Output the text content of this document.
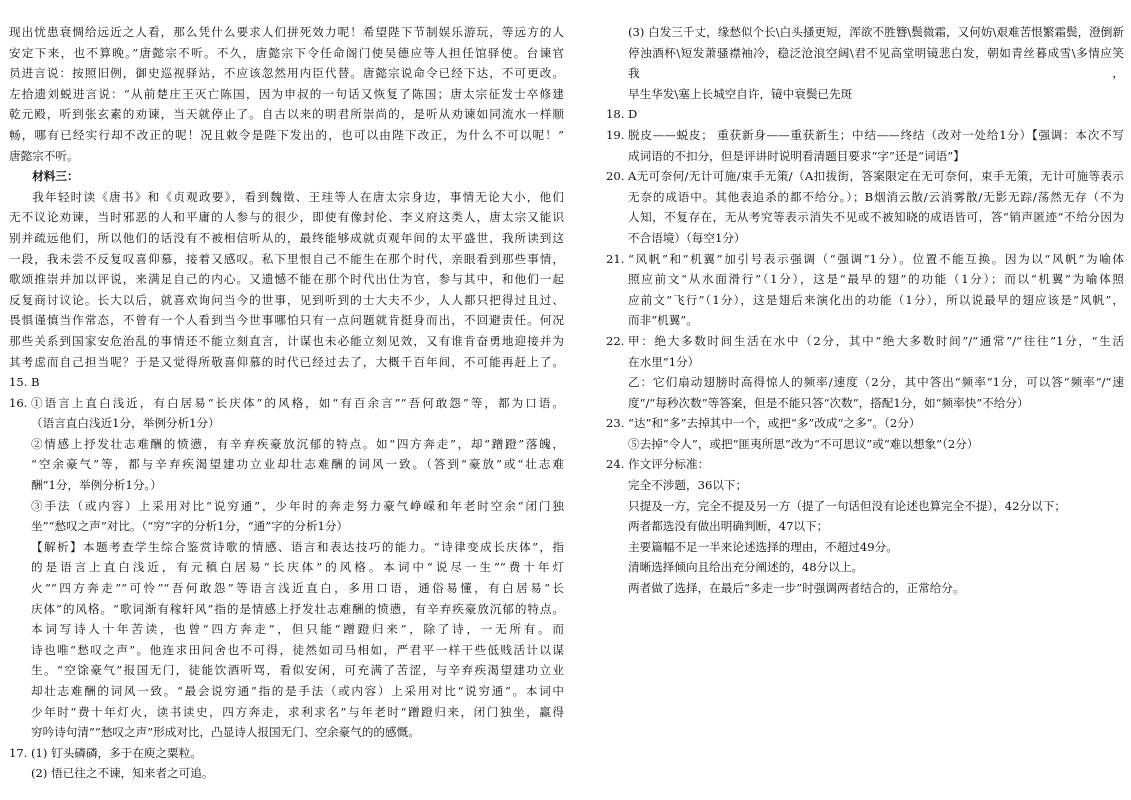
现出忧患衰惆给远近之人看，那么凭什么要求人们拼死效力呢！希望陛下节制娱乐游玩，等远方的人

安定下来，也不算晚。”唐懿宗不听。不久，唐懿宗下令任命阁门使吴德应等人担任馆驿使。台谏官

员进言说：按照旧例，御史巡视驿站，不应该忽然用内臣代替。唐懿宗说命令已经下达，不可更改。

左拾遗刘蜕进言说：“从前楚庄王灭亡陈国，因为申叔的一句话又恢复了陈国；唐太宗征发士卒修建

乾元殿，听到张玄素的劝谏，当天就停止了。自古以来的明君所崇尚的，是听从劝谏如同流水一样顺

畅，哪有已经实行却不改正的呢！况且敕令是陛下发出的，也可以由陛下改正，为什么不可以呢！”

唐懿宗不听。

材料三：

我年轻时读《唐书》和《贞观政要》，看到魏徵、王珪等人在唐太宗身边，事情无论大小，他们

无不议论劝谏，当时邪恶的人和平庸的人参与的很少，即使有像封伦、李义府这类人，唐太宗又能识

别并疏远他们，所以他们的话没有不被相信听从的，最终能够成就贞观年间的太平盛世，我所读到这

一段，我未尝不反复叹喜仰慕，接着又感叹。私下里恨自己不能生在那个时代，亲眼看到那些事情，

歌颂推崇并加以评说，来满足自己的内心。又遗憾不能在那个时代出仕为官，参与其中，和他们一起

反复商讨议论。长大以后，就喜欢询问当今的世事，见到听到的士大夫不少，人人都只把得过且过、

畏惧谨慎当作常态，不曾有一个人看到当今世事哪怕只有一点问题就肯挺身而出，不回避责任。何况

那些关系到国家安危治乱的事情还不能立刻直言，计谋也未必能立刻见效，又有谁肯奋勇地迎接并为

其考虑而自己担当呢？于是又觉得所敬喜仰慕的时代已经过去了，大概千百年间，不可能再赶上了。

15. B

16. ①语言上直白浅近，有白居易“长庆体”的风格，如“有百余言”“吾何敢怨”等，都为口语。

（语言直白浅近1分，举例分析1分）

②情感上抒发壮志难酬的愤懑，有辛弃疾豪放沉郁的特点。如“四方奔走”，却“蹭蹬”落魄，

“空余豪气”等，都与辛弃疾渴望建功立业却壮志难酬的词风一致。（答到“豪放”或“壮志难

酬”1分，举例分析1分。）

③手法（或内容）上采用对比“说穷通”，少年时的奔走努力豪气峥嵘和年老时空余“闭门独

坐”“愁叹之声”对比。（“穷”字的分析1分，“通”字的分析1分）

【解析】本题考查学生综合鉴赏诗歌的情感、语言和表达技巧的能力。“诗律变成长庆体”，指

的是语言上直白浅近，有元稹白居易“长庆体”的风格。本词中“说尽一生”“费十年灯

火”“四方奔走”“可怜”“吾何敢怨”等语言浅近直白，多用口语，通俗易懂，有白居易“长

庆体”的风格。“歌词渐有稼轩风”指的是情感上抒发壮志难酬的愤懑，有辛弃疾豪放沉郁的特点。

本词写诗人十年苦读，也曾“四方奔走”，但只能“蹭蹬归来”，除了诗，一无所有。而

诗也唯“愁叹之声”。他连求田问舍也不可得，徒然如司马相如，严君平一样干些低贱活计以谋

生。“空馀豪气”报国无门，徒能饮酒听骂，看似安闲，可充满了苦涩，与辛弃疾渴望建功立业

却壮志难酬的词风一致。“最会说穷通”指的是手法（或内容）上采用对比“说穷通”。本词中

少年时“费十年灯火，读书读史，四方奔走，求利求名”与年老时“蹭蹬归来，闭门独坐，赢得

穷吟诗句清”“愁叹之声”形成对比，凸显诗人报国无门、空余豪气的的感慨。

17. (1) 钉头磷磷，多于在庾之粟粒。

(2) 悟已往之不谏，知来者之可追。

(3) 白发三千丈，缘愁似个长\白头搔更短，浑欲不胜簪\鬓微霜，又何妨\艰难苦恨繁霜鬓，澄倒新

停浊酒杯\短发萧骚襟袖冷，稳泛沧浪空阔\君不见高堂明镜悲白发，朝如青丝暮成雪\多情应笑我，

早生华发\塞上长城空自许，镜中衰鬓已先斑

18. D

19. 脱皮——蜕皮； 重获新身——重获新生；中结——终结（改对一处给1分）【强调：本次不写

成词语的不扣分，但是评讲时说明看清题目要求“字”还是“词语”】

20. A无可奈何/无计可施/束手无策/（A扣拔街，答案限定在无可奈何，束手无策，无计可施等表示

无奈的成语中。其他表追杀的都不给分。）；B烟消云散/云消雾散/无影无踪/荡然无存（不为

人知，不复存在，无从考究等表示消失不见或不被知晓的成语皆可，答“销声匿迹”不给分因为

不合语境）（每空1分）

21. “风帆”和“机翼”加引号表示强调（“强调”1分）。位置不能互换。因为以“风帆”为喻体

照应前文“从水面滑行”（1分），这是“最早的翅”的功能（1分）；而以“机翼”为喻体照

应前文“飞行”（1分），这是翅后来演化出的功能（1分），所以说最早的翅应该是“风帆”，

而非“机翼”。

22. 甲：绝大多数时间生活在水中（2分，其中“绝大多数时间”/“通常”/“往往”1分，“生活

在水里”1分）

乙：它们扇动翅膀时高得惊人的频率/速度（2分，其中答出“频率”1分，可以答“频率”/“速

度”/“每秒次数”等答案，但是不能只答“次数”，搭配1分，如“频率快”不给分）

23. “达”和“多”去掉其中一个，或把“多”改成“之多”。（2分）

⑤去掉“令人”，或把“匪夷所思”改为“不可思议”或“难以想象”（2分）

24. 作文评分标准：

完全不涉题，36以下；

只提及一方，完全不提及另一方（提了一句话但没有论述也算完全不提），42分以下；

两者都选没有做出明确判断，47以下；

主要篇幅不足一半来论述选择的理由，不超过49分。

清晰选择倾向且给出充分阐述的，48分以上。

两者做了选择，在最后“多走一步”时强调两者结合的，正常给分。
